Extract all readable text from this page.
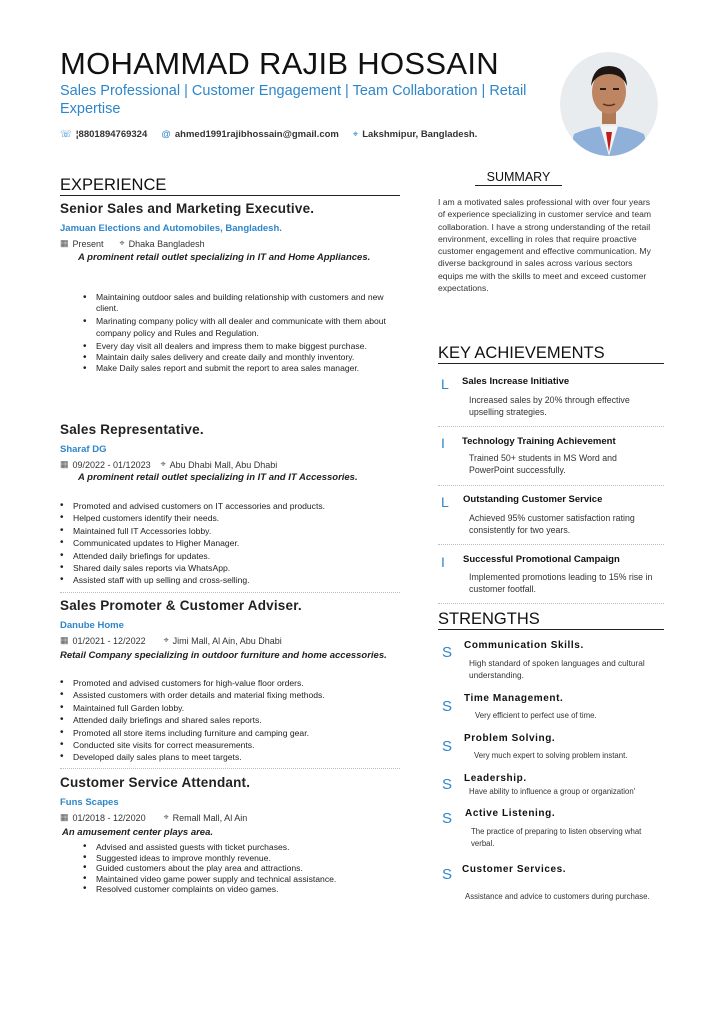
MOHAMMAD RAJIB HOSSAIN
Sales Professional | Customer Engagement | Team Collaboration | Retail Expertise
☏ ¦8801894769324 @ ahmed1991rajibhossain@gmail.com ⌖ Lakshmipur, Bangladesh.
EXPERIENCE
Senior Sales and Marketing Executive.
Jamuan Elections and Automobiles, Bangladesh.
▦ Present ⌖ Dhaka Bangladesh
A prominent retail outlet specializing in IT and Home Appliances.
• Maintaining outdoor sales and building relationship with customers and new client.
• Marinating company policy with all dealer and communicate with them about company policy and Rules and Regulation.
• Every day visit all dealers and impress them to make biggest purchase.
• Maintain daily sales delivery and create daily and monthly inventory.
• Make Daily sales report and submit the report to area sales manager.
Sales Representative.
Sharaf DG
▦ 09/2022 - 01/12023 ⌖ Abu Dhabi Mall, Abu Dhabi
A prominent retail outlet specializing in IT and IT Accessories.
• Promoted and advised customers on IT accessories and products.
• Helped customers identify their needs.
• Maintained full IT Accessories lobby.
• Communicated updates to Higher Manager.
• Attended daily briefings for updates.
• Shared daily sales reports via WhatsApp.
• Assisted staff with up selling and cross-selling.
Sales Promoter & Customer Adviser.
Danube Home
▦ 01/2021 - 12/2022 ⌖ Jimi Mall, Al Ain, Abu Dhabi
Retail Company specializing in outdoor furniture and home accessories.
• Promoted and advised customers for high-value floor orders.
• Assisted customers with order details and material fixing methods.
• Maintained full Garden lobby.
• Attended daily briefings and shared sales reports.
• Promoted all store items including furniture and camping gear.
• Conducted site visits for correct measurements.
• Developed daily sales plans to meet targets.
Customer Service Attendant.
Funs Scapes
▦ 01/2018 - 12/2020 ⌖ Remall Mall, Al Ain
An amusement center plays area.
• Advised and assisted guests with ticket purchases.
• Suggested ideas to improve monthly revenue.
• Guided customers about the play area and attractions.
• Maintained video game power supply and technical assistance.
• Resolved customer complaints on video games.
SUMMARY
I am a motivated sales professional with over four years of experience specializing in customer service and team collaboration. I have a strong understanding of the retail environment, excelling in roles that require proactive customer engagement and effective communication. My diverse background in sales across various sectors equips me with the skills to meet and exceed customer expectations.
KEY ACHIEVEMENTS
L Sales Increase Initiative
Increased sales by 20% through effective upselling strategies.
I Technology Training Achievement
Trained 50+ students in MS Word and PowerPoint successfully.
L Outstanding Customer Service
Achieved 95% customer satisfaction rating consistently for two years.
I Successful Promotional Campaign
Implemented promotions leading to 15% rise in customer footfall.
STRENGTHS
S Communication Skills.
High standard of spoken languages and cultural understanding.
S Time Management.
Very efficient to perfect use of time.
S Problem Solving.
Very much expert to solving problem instant.
S Leadership.
Have ability to influence a group or organization'
S Active Listening.
The practice of preparing to listen observing what verbal.
S Customer Services.
Assistance and advice to customers during purchase.
